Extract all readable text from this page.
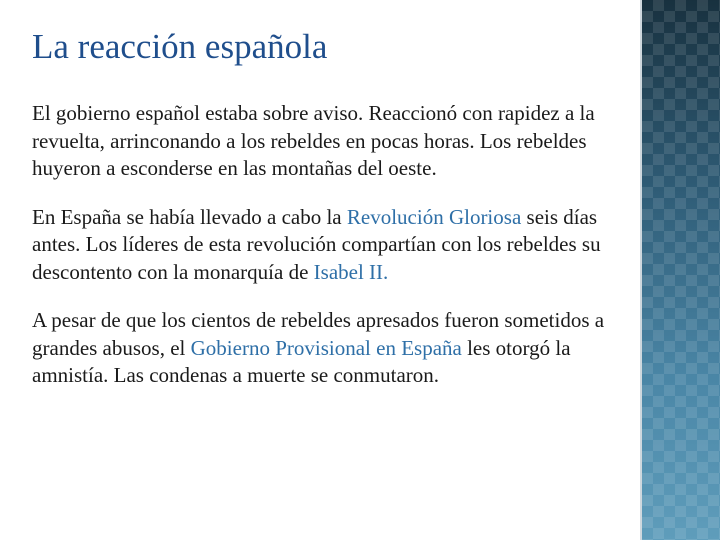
La reacción española

El gobierno español estaba sobre aviso. Reaccionó con rapidez a la revuelta, arrinconando a los rebeldes en pocas horas. Los rebeldes huyeron a esconderse en las montañas del oeste.

En España se había llevado a cabo la Revolución Gloriosa seis días antes. Los líderes de esta revolución compartían con los rebeldes su descontento con la monarquía de Isabel II.

A pesar de que los cientos de rebeldes apresados fueron sometidos a grandes abusos, el Gobierno Provisional en España les otorgó la amnistía. Las condenas a muerte se conmutaron.
